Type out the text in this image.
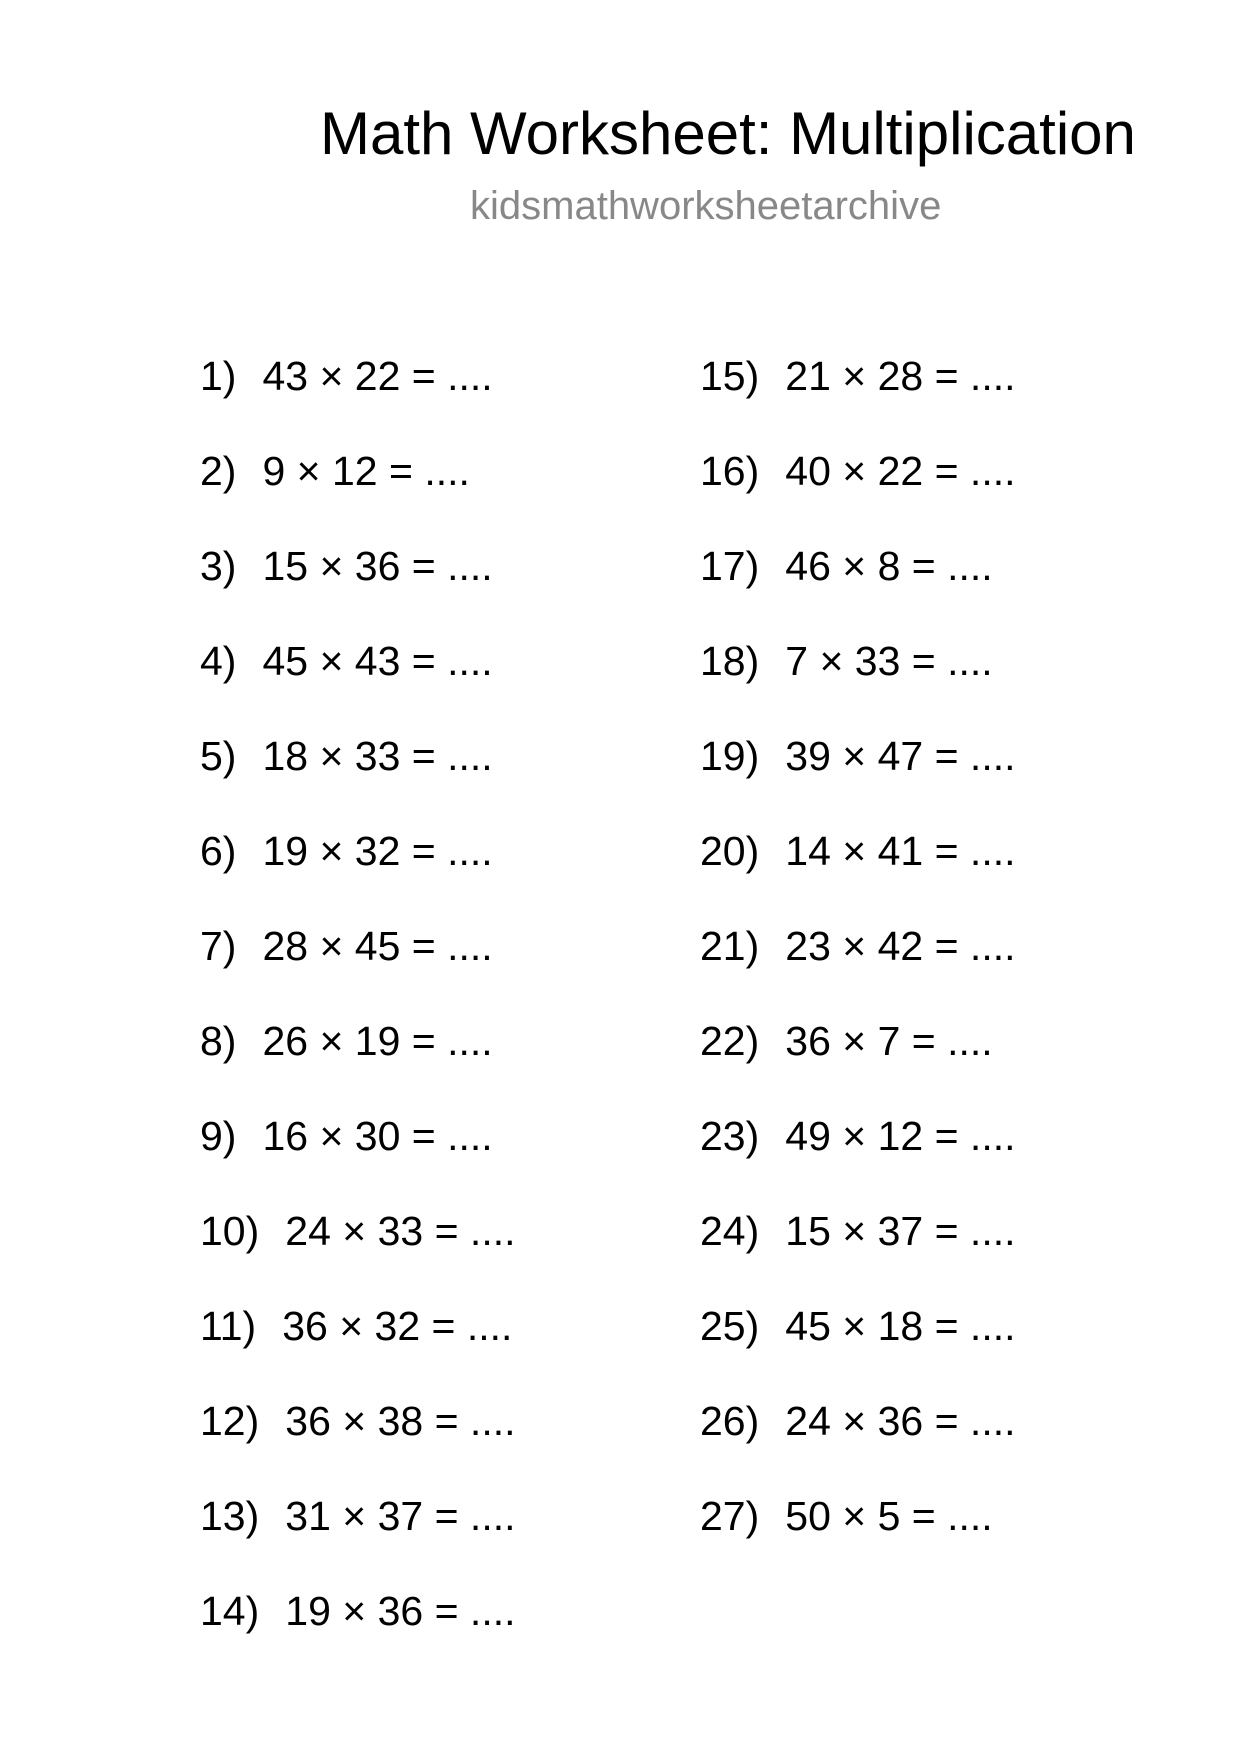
Math Worksheet: Multiplication
kidsmathworksheetarchive
1) 43 × 22 = ....
2) 9 × 12 = ....
3) 15 × 36 = ....
4) 45 × 43 = ....
5) 18 × 33 = ....
6) 19 × 32 = ....
7) 28 × 45 = ....
8) 26 × 19 = ....
9) 16 × 30 = ....
10) 24 × 33 = ....
11) 36 × 32 = ....
12) 36 × 38 = ....
13) 31 × 37 = ....
14) 19 × 36 = ....
15) 21 × 28 = ....
16) 40 × 22 = ....
17) 46 × 8 = ....
18) 7 × 33 = ....
19) 39 × 47 = ....
20) 14 × 41 = ....
21) 23 × 42 = ....
22) 36 × 7 = ....
23) 49 × 12 = ....
24) 15 × 37 = ....
25) 45 × 18 = ....
26) 24 × 36 = ....
27) 50 × 5 = ....
